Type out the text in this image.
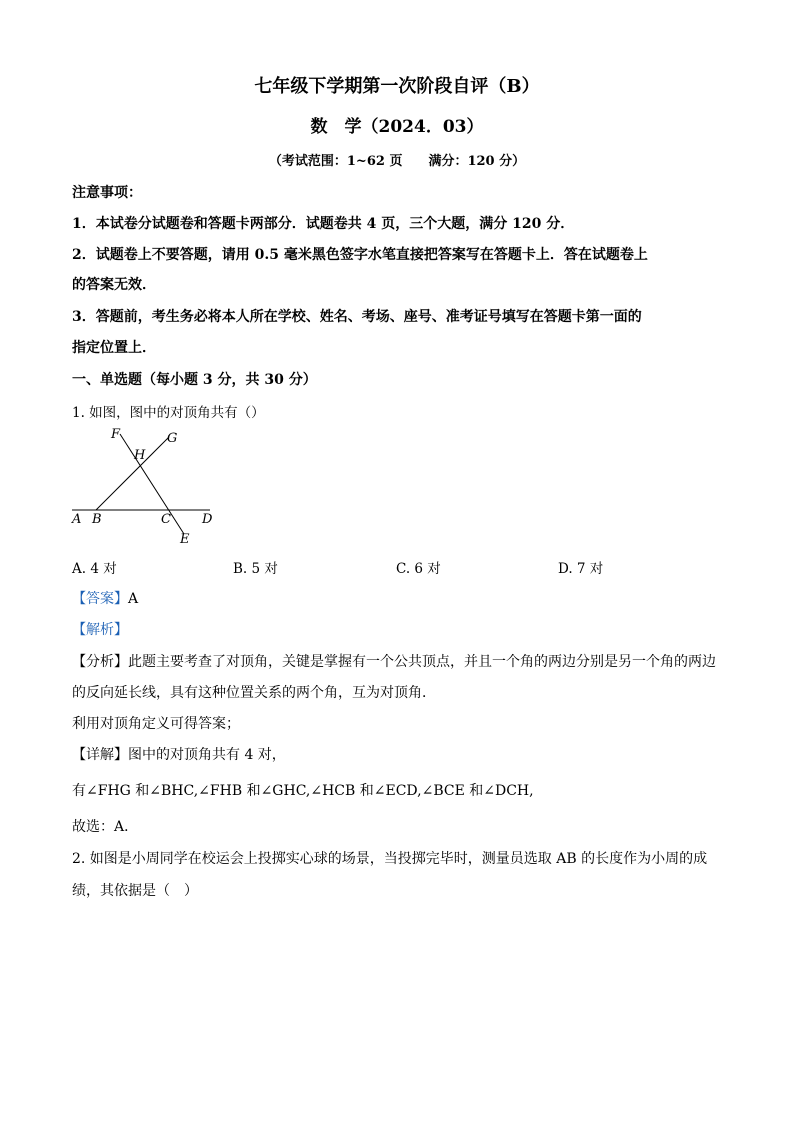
七年级下学期第一次阶段自评（B）
数　学（2024．03）
（考试范围：1~62 页　　满分：120 分）
注意事项：
1．本试卷分试题卷和答题卡两部分．试题卷共 4 页，三个大题，满分 120 分．
2．试题卷上不要答题，请用 0.5 毫米黑色签字水笔直接把答案写在答题卡上．答在试题卷上
的答案无效．
3．答题前，考生务必将本人所在学校、姓名、考场、座号、准考证号填写在答题卡第一面的
指定位置上．
一、单选题（每小题 3 分，共 30 分）
1. 如图，图中的对顶角共有（）
F	G
H
A B	C D
E
A. 4 对	B. 5 对	C. 6 对	D. 7 对
【答案】A
【解析】
【分析】此题主要考查了对顶角，关键是掌握有一个公共顶点，并且一个角的两边分别是另一个角的两边
的反向延长线，具有这种位置关系的两个角，互为对顶角．
利用对顶角定义可得答案；
【详解】图中的对顶角共有 4 对，
有∠FHG 和∠BHC,∠FHB 和∠GHC,∠HCB 和∠ECD,∠BCE 和∠DCH,
故选：A．
2. 如图是小周同学在校运会上投掷实心球的场景，当投掷完毕时，测量员选取 AB 的长度作为小周的成
绩，其依据是（　）
